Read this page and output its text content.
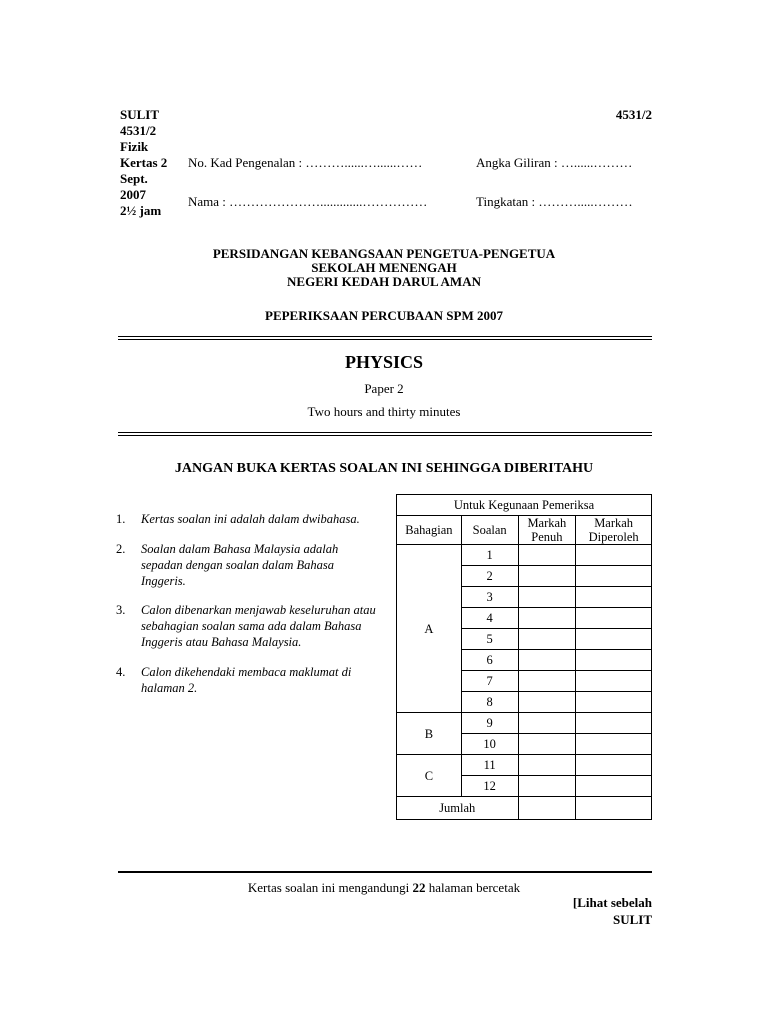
SULIT
4531/2
Fizik
Kertas 2
Sept.
2007
2½ jam
4531/2
No. Kad Pengenalan : ………......…......……	Angka Giliran : …......………
Nama : ………………….............……………	Tingkatan : ……….....………
PERSIDANGAN KEBANGSAAN PENGETUA-PENGETUA
SEKOLAH MENENGAH
NEGERI KEDAH DARUL AMAN
PEPERIKSAAN PERCUBAAN SPM 2007
PHYSICS
Paper 2
Two hours and thirty minutes
JANGAN BUKA KERTAS SOALAN INI SEHINGGA DIBERITAHU
1. Kertas soalan ini adalah dalam dwibahasa.
2. Soalan dalam Bahasa Malaysia adalah sepadan dengan soalan dalam Bahasa Inggeris.
3. Calon dibenarkan menjawab keseluruhan atau sebahagian soalan sama ada dalam Bahasa Inggeris atau Bahasa Malaysia.
4. Calon dikehendaki membaca maklumat di halaman 2.
Untuk Kegunaan Pemeriksa			
Bahagian	Soalan	Markah Penuh	Markah Diperoleh
A	1		
	2		
	3		
	4		
	5		
	6		
	7		
	8		
B	9		
	10		
C	11		
	12		
Jumlah			
Kertas soalan ini mengandungi 22 halaman bercetak
[Lihat sebelah
SULIT
